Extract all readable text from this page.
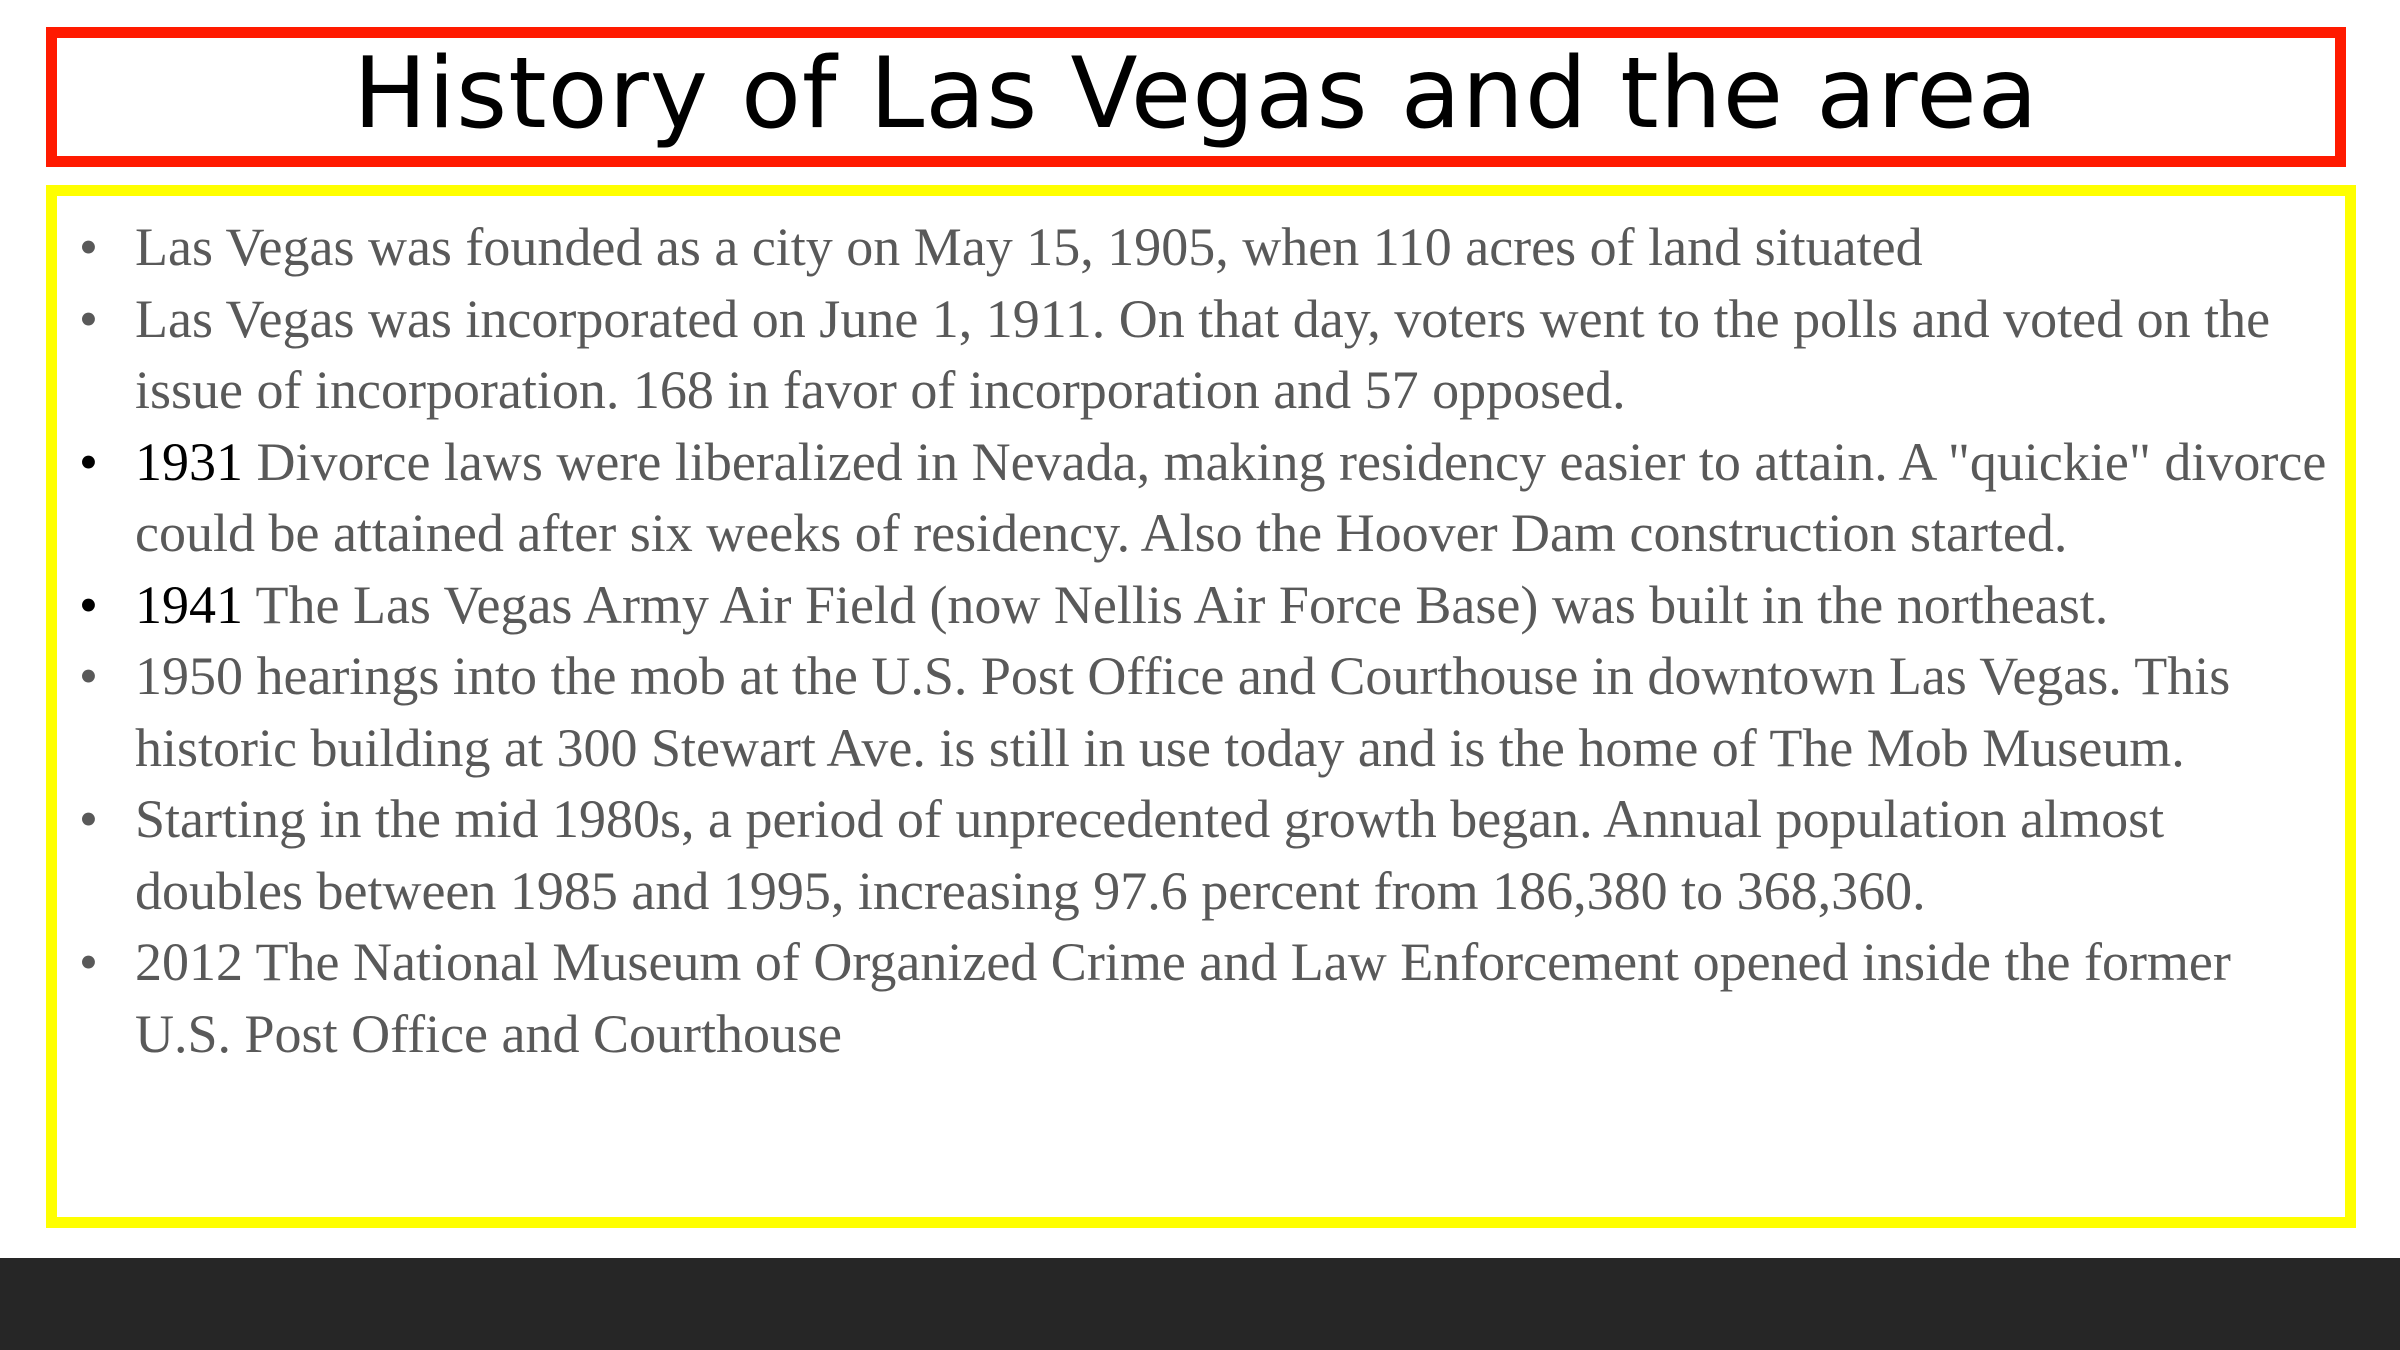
History of Las Vegas and the area
• Las Vegas was founded as a city on May 15, 1905, when 110 acres of land situated
• Las Vegas was incorporated on June 1, 1911. On that day, voters went to the polls and voted on the issue of incorporation. 168 in favor of incorporation and 57 opposed.
• 1931 Divorce laws were liberalized in Nevada, making residency easier to attain. A "quickie" divorce could be attained after six weeks of residency. Also the Hoover Dam construction started.
• 1941 The Las Vegas Army Air Field (now Nellis Air Force Base) was built in the northeast.
• 1950 hearings into the mob at the U.S. Post Office and Courthouse in downtown Las Vegas. This historic building at 300 Stewart Ave. is still in use today and is the home of The Mob Museum.
• Starting in the mid 1980s, a period of unprecedented growth began. Annual population almost doubles between 1985 and 1995, increasing 97.6 percent from 186,380 to 368,360.
• 2012 The National Museum of Organized Crime and Law Enforcement opened inside the former U.S. Post Office and Courthouse
